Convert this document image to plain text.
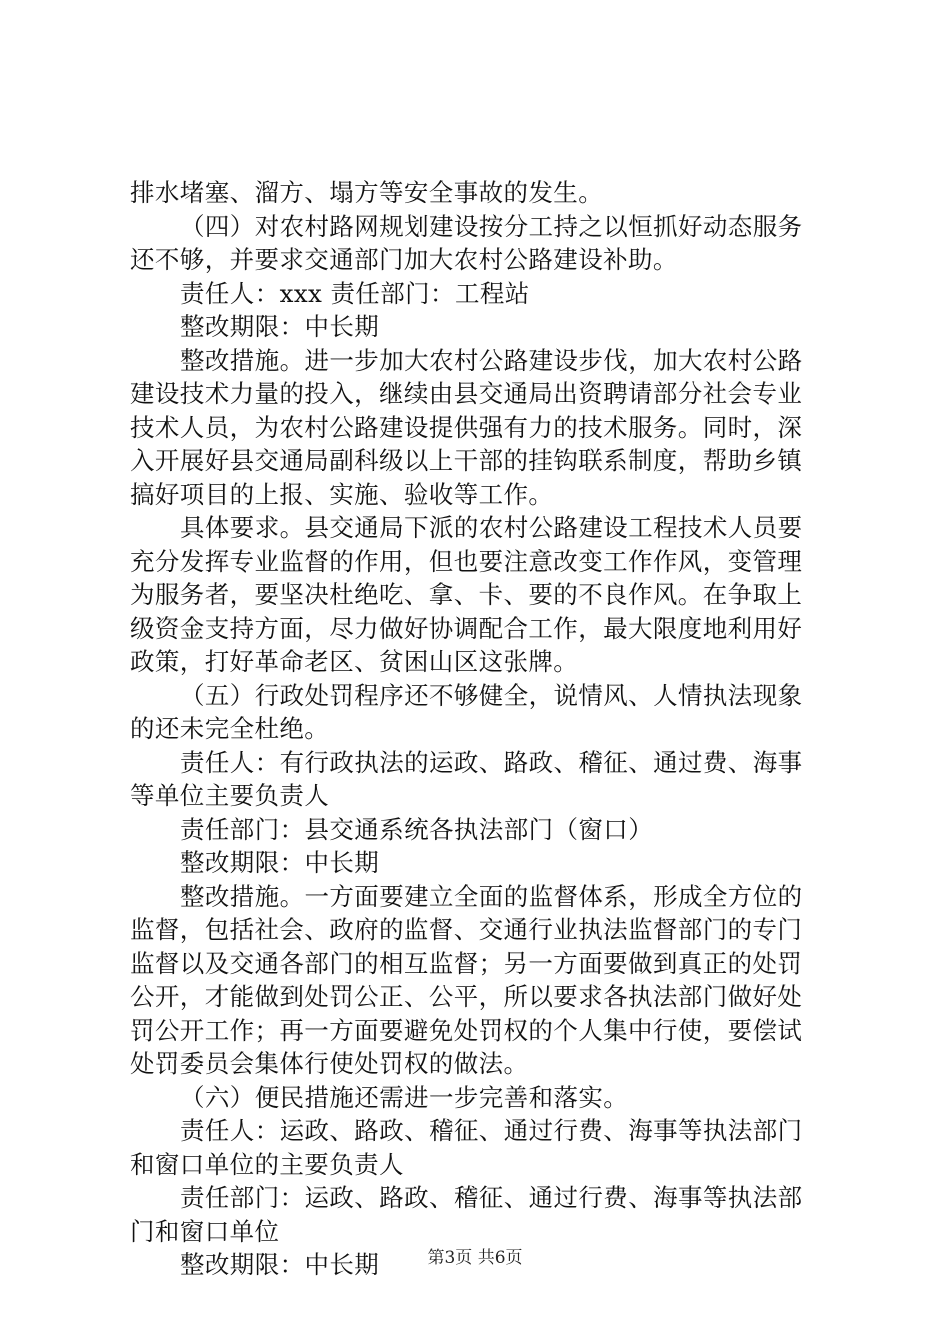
排水堵塞、溜方、塌方等安全事故的发生。
（四）对农村路网规划建设按分工持之以恒抓好动态服务
还不够，并要求交通部门加大农村公路建设补助。
责任人：xxx 责任部门：工程站
整改期限：中长期
整改措施。进一步加大农村公路建设步伐，加大农村公路
建设技术力量的投入，继续由县交通局出资聘请部分社会专业
技术人员，为农村公路建设提供强有力的技术服务。同时，深
入开展好县交通局副科级以上干部的挂钩联系制度，帮助乡镇
搞好项目的上报、实施、验收等工作。
具体要求。县交通局下派的农村公路建设工程技术人员要
充分发挥专业监督的作用，但也要注意改变工作作风，变管理
为服务者，要坚决杜绝吃、拿、卡、要的不良作风。在争取上
级资金支持方面，尽力做好协调配合工作，最大限度地利用好
政策，打好革命老区、贫困山区这张牌。
（五）行政处罚程序还不够健全，说情风、人情执法现象
的还未完全杜绝。
责任人：有行政执法的运政、路政、稽征、通过费、海事
等单位主要负责人
责任部门：县交通系统各执法部门（窗口）
整改期限：中长期
整改措施。一方面要建立全面的监督体系，形成全方位的
监督，包括社会、政府的监督、交通行业执法监督部门的专门
监督以及交通各部门的相互监督；另一方面要做到真正的处罚
公开，才能做到处罚公正、公平，所以要求各执法部门做好处
罚公开工作；再一方面要避免处罚权的个人集中行使，要偿试
处罚委员会集体行使处罚权的做法。
（六）便民措施还需进一步完善和落实。
责任人：运政、路政、稽征、通过行费、海事等执法部门
和窗口单位的主要负责人
责任部门：运政、路政、稽征、通过行费、海事等执法部
门和窗口单位
整改期限：中长期	第3页 共6页
